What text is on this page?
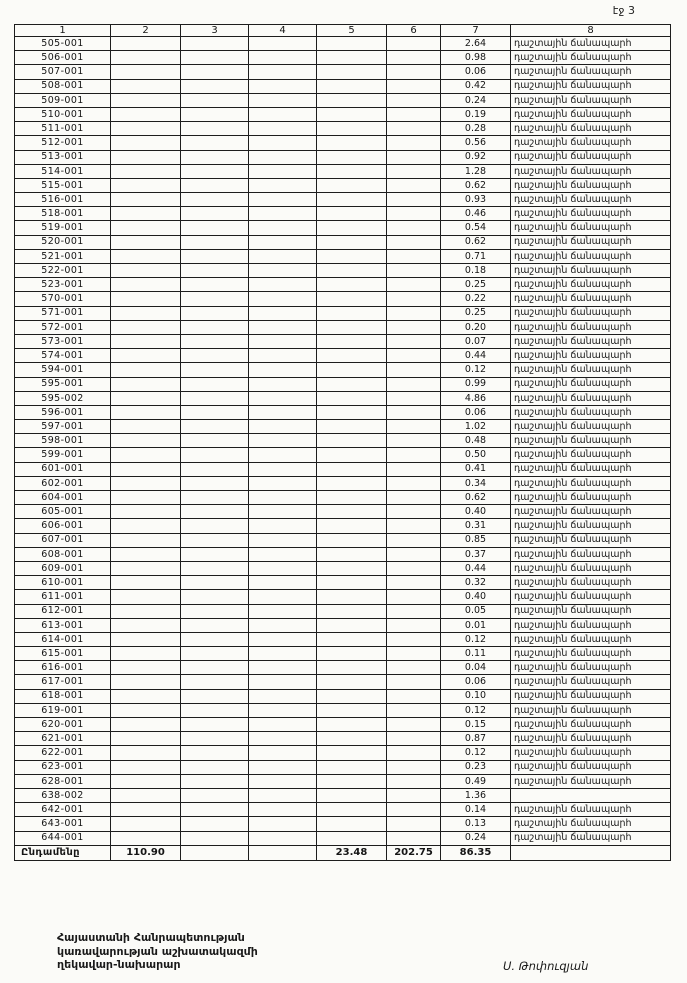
էջ 3
1	2	3	4	5	6	7	8
505-001						2.64	դաշտային ճանապարհ
506-001						0.98	դաշտային ճանապարհ
507-001						0.06	դաշտային ճանապարհ
508-001						0.42	դաշտային ճանապարհ
509-001						0.24	դաշտային ճանապարհ
510-001						0.19	դաշտային ճանապարհ
511-001						0.28	դաշտային ճանապարհ
512-001						0.56	դաշտային ճանապարհ
513-001						0.92	դաշտային ճանապարհ
514-001						1.28	դաշտային ճանապարհ
515-001						0.62	դաշտային ճանապարհ
516-001						0.93	դաշտային ճանապարհ
518-001						0.46	դաշտային ճանապարհ
519-001						0.54	դաշտային ճանապարհ
520-001						0.62	դաշտային ճանապարհ
521-001						0.71	դաշտային ճանապարհ
522-001						0.18	դաշտային ճանապարհ
523-001						0.25	դաշտային ճանապարհ
570-001						0.22	դաշտային ճանապարհ
571-001						0.25	դաշտային ճանապարհ
572-001						0.20	դաշտային ճանապարհ
573-001						0.07	դաշտային ճանապարհ
574-001						0.44	դաշտային ճանապարհ
594-001						0.12	դաշտային ճանապարհ
595-001						0.99	դաշտային ճանապարհ
595-002						4.86	դաշտային ճանապարհ
596-001						0.06	դաշտային ճանապարհ
597-001						1.02	դաշտային ճանապարհ
598-001						0.48	դաշտային ճանապարհ
599-001						0.50	դաշտային ճանապարհ
601-001						0.41	դաշտային ճանապարհ
602-001						0.34	դաշտային ճանապարհ
604-001						0.62	դաշտային ճանապարհ
605-001						0.40	դաշտային ճանապարհ
606-001						0.31	դաշտային ճանապարհ
607-001						0.85	դաշտային ճանապարհ
608-001						0.37	դաշտային ճանապարհ
609-001						0.44	դաշտային ճանապարհ
610-001						0.32	դաշտային ճանապարհ
611-001						0.40	դաշտային ճանապարհ
612-001						0.05	դաշտային ճանապարհ
613-001						0.01	դաշտային ճանապարհ
614-001						0.12	դաշտային ճանապարհ
615-001						0.11	դաշտային ճանապարհ
616-001						0.04	դաշտային ճանապարհ
617-001						0.06	դաշտային ճանապարհ
618-001						0.10	դաշտային ճանապարհ
619-001						0.12	դաշտային ճանապարհ
620-001						0.15	դաշտային ճանապարհ
621-001						0.87	դաշտային ճանապարհ
622-001						0.12	դաշտային ճանապարհ
623-001						0.23	դաշտային ճանապարհ
628-001						0.49	դաշտային ճանապարհ
638-002						1.36	
642-001						0.14	դաշտային ճանապարհ
643-001						0.13	դաշտային ճանապարհ
644-001						0.24	դաշտային ճանապարհ
Ընդամենը	110.90			23.48	202.75	86.35	
Հայաստանի Հանրապետության
կառավարության աշխատակազմի
ղեկավար-նախարար	Ս. Թոփուզյան
